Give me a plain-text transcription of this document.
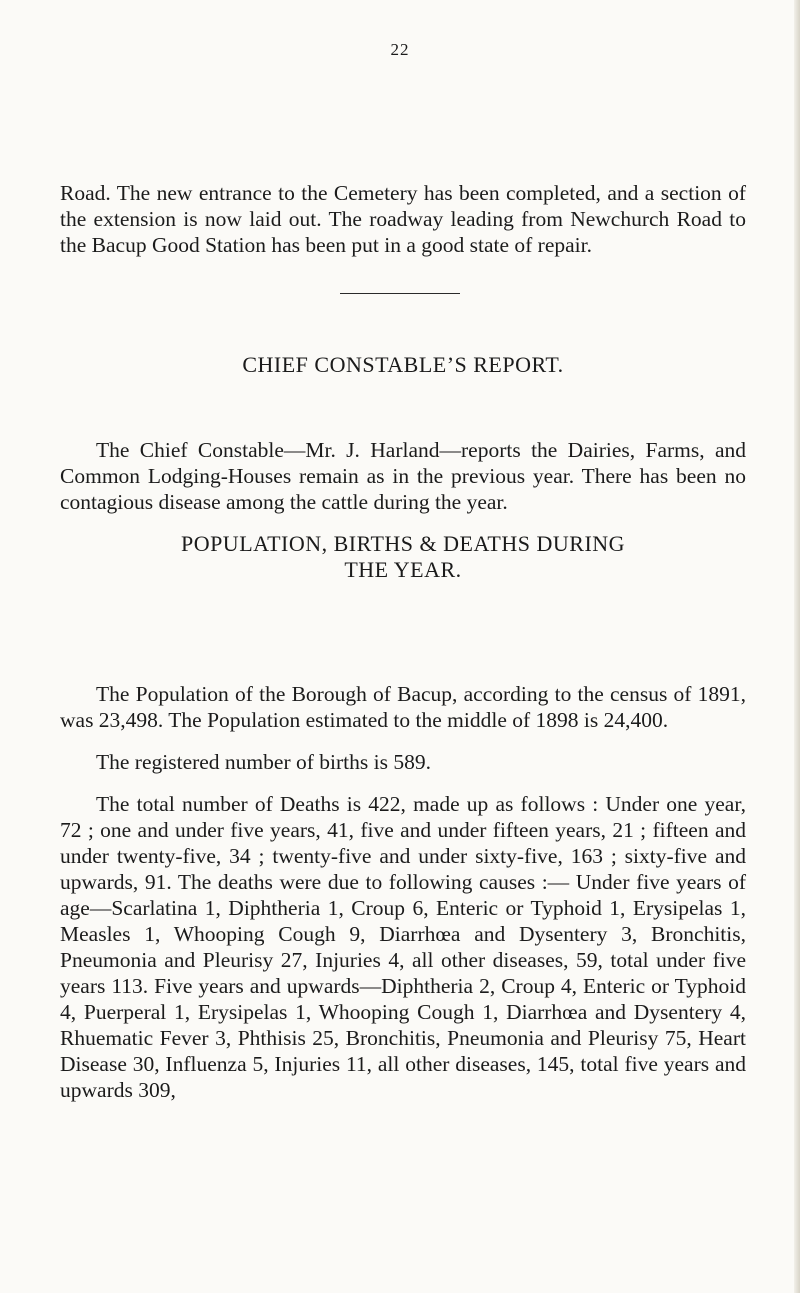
22

Road. The new entrance to the Cemetery has been completed, and a section of the extension is now laid out. The roadway leading from Newchurch Road to the Bacup Good Station has been put in a good state of repair.

CHIEF CONSTABLE’S REPORT.

The Chief Constable—Mr. J. Harland—reports the Dairies, Farms, and Common Lodging-Houses remain as in the previous year. There has been no contagious disease among the cattle during the year.

POPULATION, BIRTHS & DEATHS DURING
THE YEAR.

The Population of the Borough of Bacup, according to the census of 1891, was 23,498. The Population estimated to the middle of 1898 is 24,400.

The registered number of births is 589.

The total number of Deaths is 422, made up as follows : Under one year, 72 ; one and under five years, 41, five and under fifteen years, 21 ; fifteen and under twenty-five, 34 ; twenty-five and under sixty-five, 163 ; sixty-five and upwards, 91. The deaths were due to following causes :— Under five years of age—Scarlatina 1, Diphtheria 1, Croup 6, Enteric or Typhoid 1, Erysipelas 1, Measles 1, Whooping Cough 9, Diarrhœa and Dysentery 3, Bronchitis, Pneumonia and Pleurisy 27, Injuries 4, all other diseases, 59, total under five years 113. Five years and upwards—Diphtheria 2, Croup 4, Enteric or Typhoid 4, Puerperal 1, Erysipelas 1, Whooping Cough 1, Diarrhœa and Dysentery 4, Rhuematic Fever 3, Phthisis 25, Bronchitis, Pneumonia and Pleurisy 75, Heart Disease 30, Influenza 5, Injuries 11, all other diseases, 145, total five years and upwards 309,
